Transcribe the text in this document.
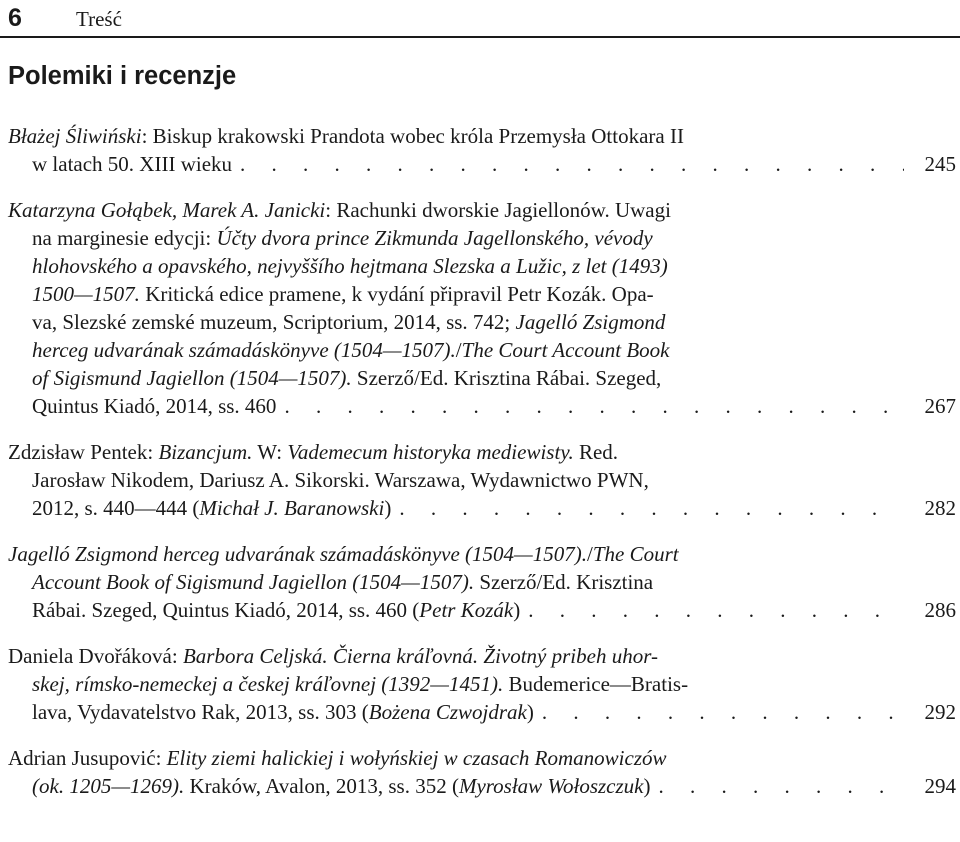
6	Treść
Polemiki i recenzje
Błażej Śliwiński: Biskup krakowski Prandota wobec króla Przemysła Ottokara II
w latach 50. XIII wieku . . .	245
Katarzyna Gołąbek, Marek A. Janicki: Rachunki dworskie Jagiellonów. Uwagi
na marginesie edycji: Účty dvora prince Zikmunda Jagellonského, vévody
hlohovského a opavského, nejvyššího hejtmana Slezska a Lužic, z let (1493)
1500—1507. Kritická edice pramene, k vydání připravil Petr Kozák. Opa-
va, Slezské zemské muzeum, Scriptorium, 2014, ss. 742; Jagelló Zsigmond
herceg udvarának számadáskönyve (1504—1507)./The Court Account Book
of Sigismund Jagiellon (1504—1507). Szerző/Ed. Krisztina Rábai. Szeged,
Quintus Kiadó, 2014, ss. 460 . . .	267
Zdzisław Pentek: Bizancjum. W: Vademecum historyka mediewisty. Red.
Jarosław Nikodem, Dariusz A. Sikorski. Warszawa, Wydawnictwo PWN,
2012, s. 440—444 (Michał J. Baranowski) . . .	282
Jagelló Zsigmond herceg udvarának számadáskönyve (1504—1507)./The Court
Account Book of Sigismund Jagiellon (1504—1507). Szerző/Ed. Krisztina
Rábai. Szeged, Quintus Kiadó, 2014, ss. 460 (Petr Kozák) . . .	286
Daniela Dvořáková: Barbora Celjská. Čierna kráľovná. Životný pribeh uhor-
skej, rímsko-nemeckej a českej kráľovnej (1392—1451). Budemerice—Bratis-
lava, Vydavatelstvo Rak, 2013, ss. 303 (Bożena Czwojdrak) . . .	292
Adrian Jusupović: Elity ziemi halickiej i wołyńskiej w czasach Romanowiczów
(ok. 1205—1269). Kraków, Avalon, 2013, ss. 352 (Myrosław Wołoszczuk) . . .	294
